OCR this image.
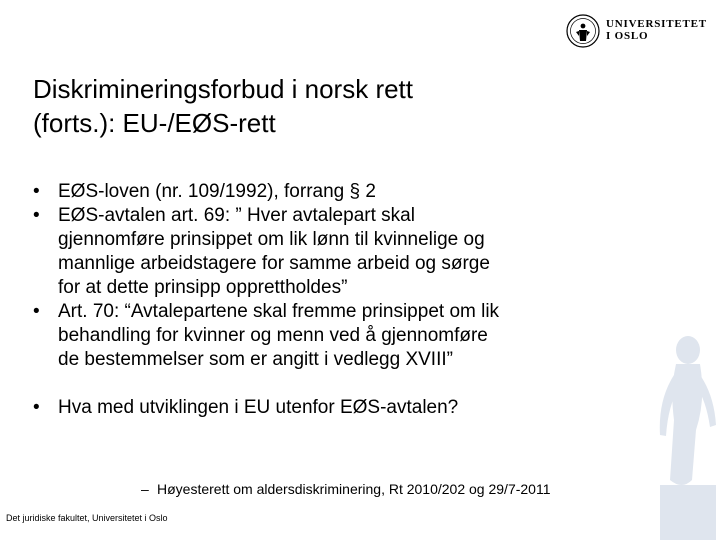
UNIVERSITETET
I OSLO
Diskrimineringsforbud i norsk rett
(forts.): EU-/EØS-rett
• EØS-loven (nr. 109/1992), forrang § 2
• EØS-avtalen art. 69: ” Hver avtalepart skal
gjennomføre prinsippet om lik lønn til kvinnelige og
mannlige arbeidstagere for samme arbeid og sørge
for at dette prinsipp opprettholdes”
• Art. 70: “Avtalepartene skal fremme prinsippet om lik
behandling for kvinner og menn ved å gjennomføre
de bestemmelser som er angitt i vedlegg XVIII”
• Hva med utviklingen i EU utenfor EØS-avtalen?
– Høyesterett om aldersdiskriminering, Rt 2010/202 og 29/7-2011
Det juridiske fakultet, Universitetet i Oslo
